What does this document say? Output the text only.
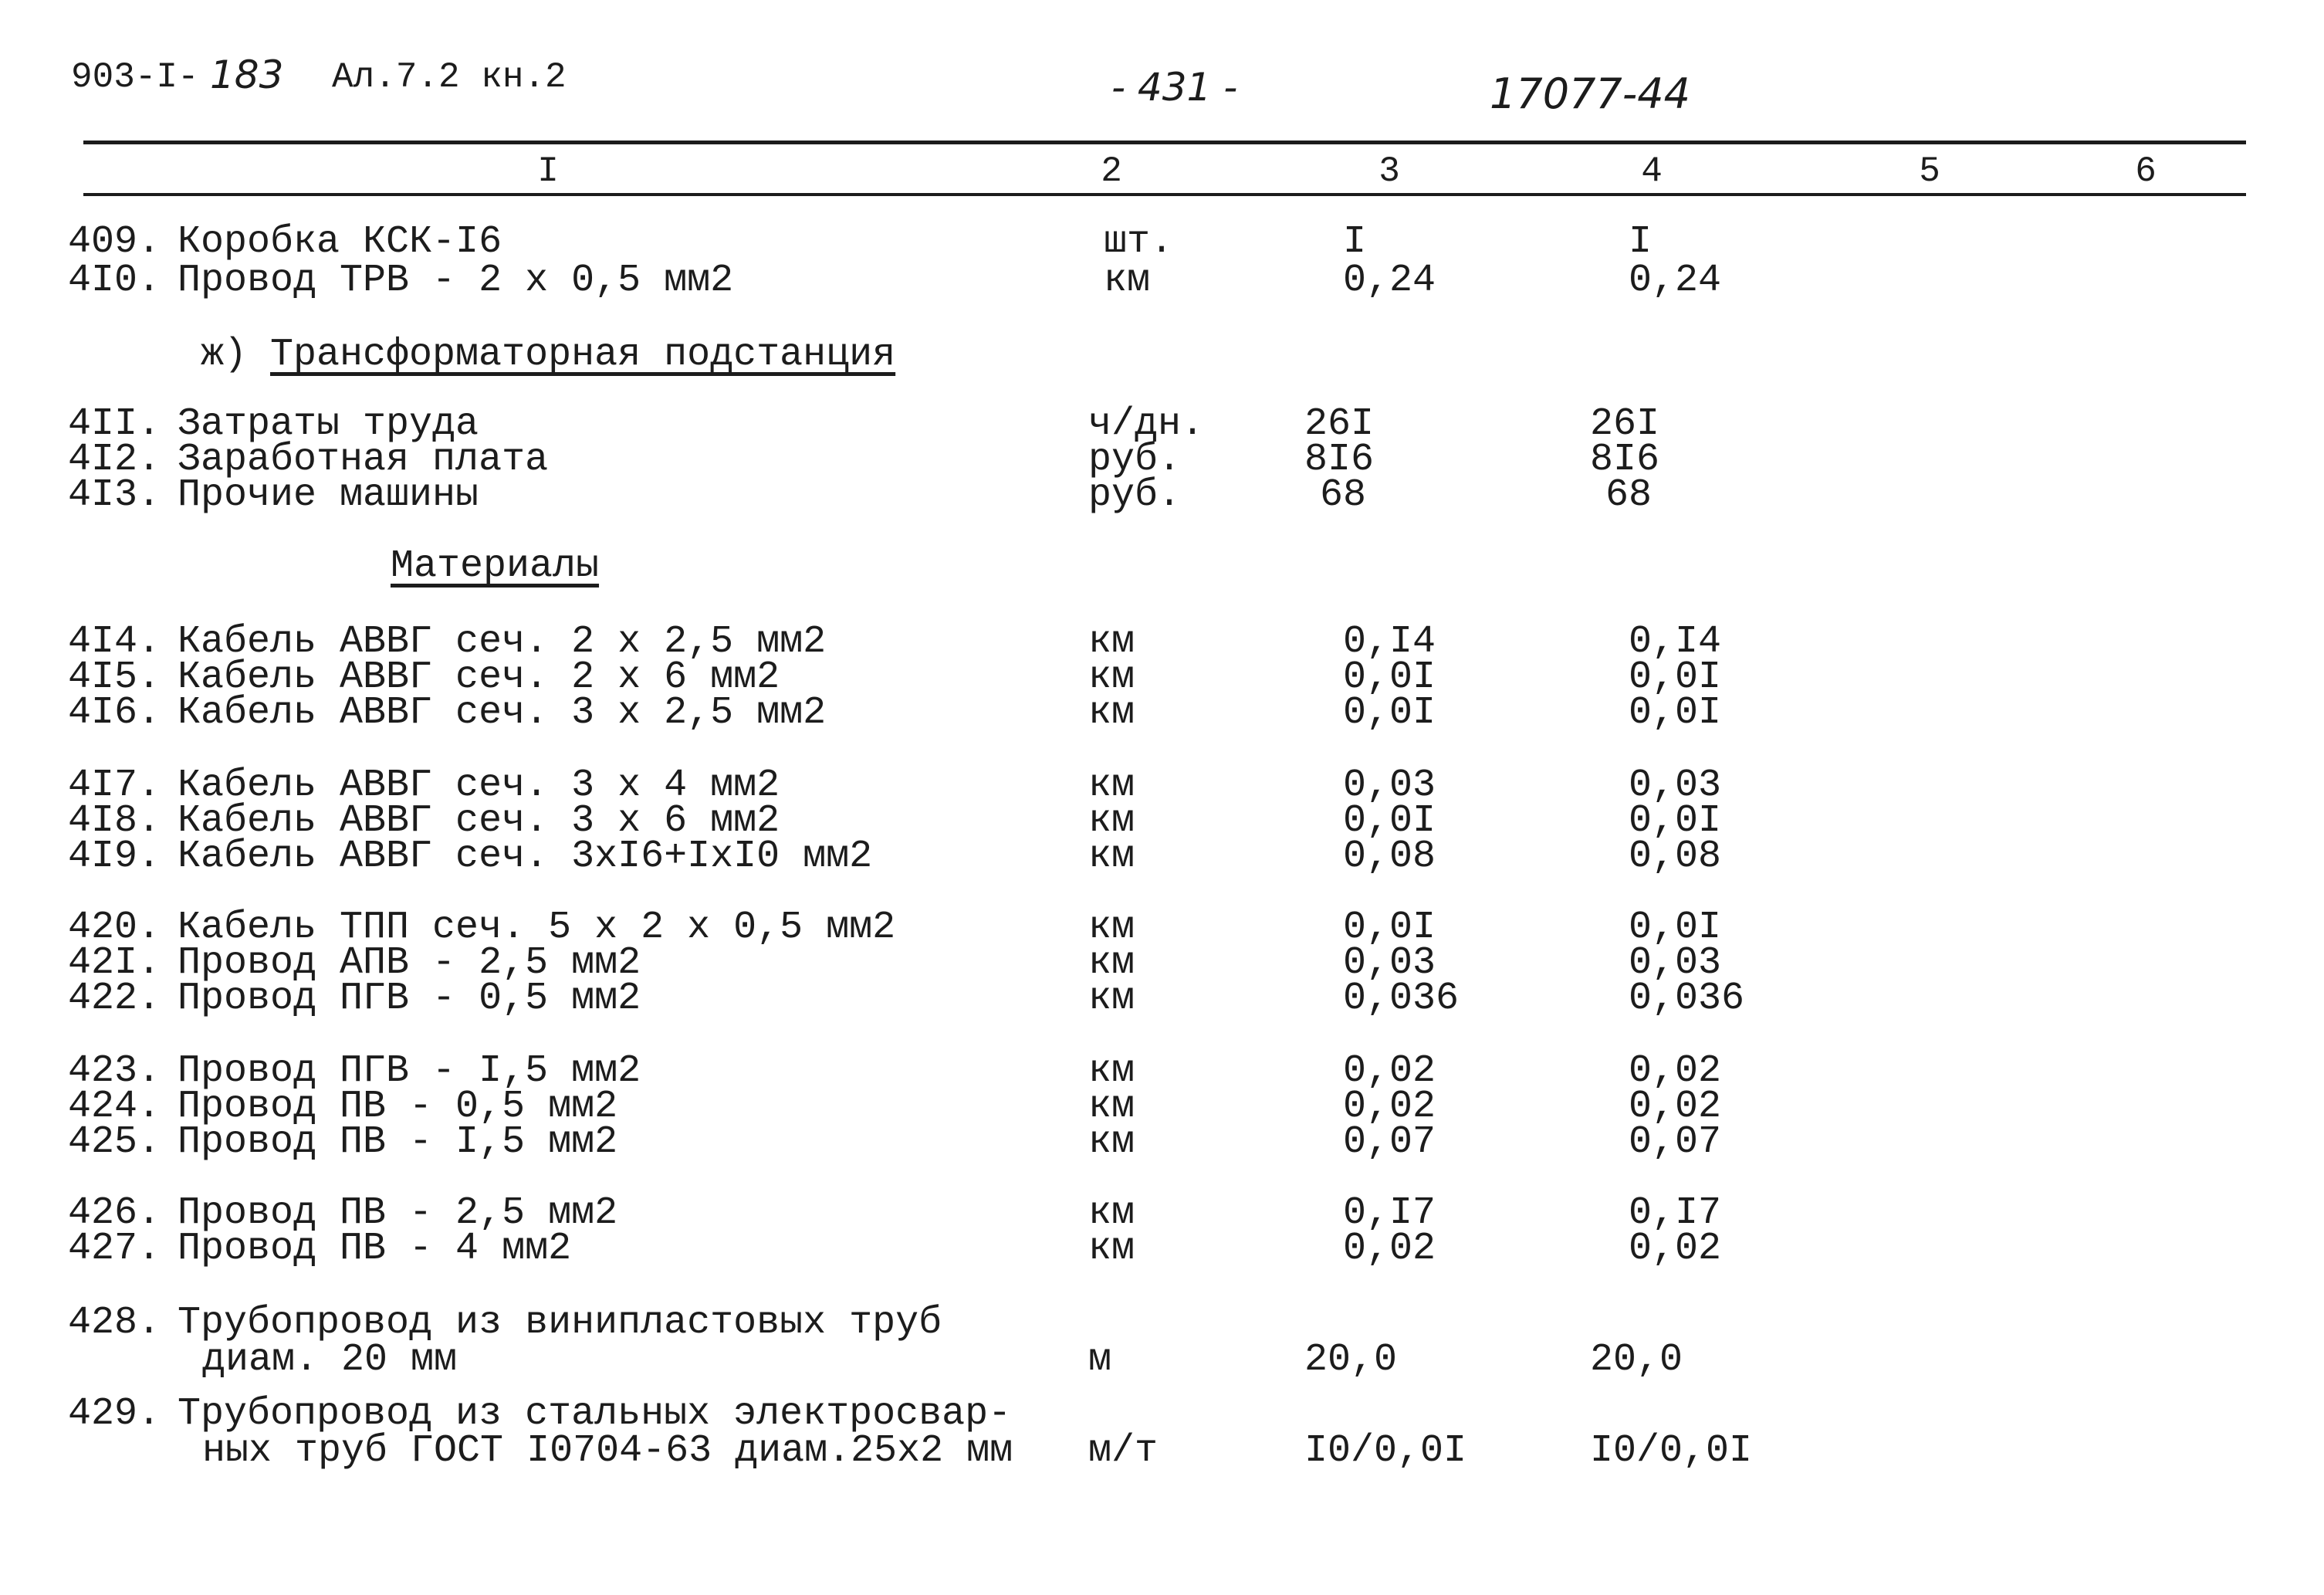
903-I- 183 Ал.7.2 кн.2	- 431 -	17077-44
I	2	3	4	5	6
409. Коробка КСК-I6	шт.	I	I
4I0. Провод ТРВ - 2 х 0,5 мм2	км	0,24	0,24
ж) Трансформаторная подстанция
4II. Затраты труда	ч/дн.	26I	26I
4I2. Заработная плата	руб.	8I6	8I6
4I3. Прочие машины	руб.	68	68
Материалы
4I4. Кабель АВВГ сеч. 2 х 2,5 мм2	км	0,I4	0,I4
4I5. Кабель АВВГ сеч. 2 х 6 мм2	км	0,0I	0,0I
4I6. Кабель АВВГ сеч. 3 х 2,5 мм2	км	0,0I	0,0I
4I7. Кабель АВВГ сеч. 3 х 4 мм2	км	0,03	0,03
4I8. Кабель АВВГ сеч. 3 х 6 мм2	км	0,0I	0,0I
4I9. Кабель АВВГ сеч. 3хI6+IхI0 мм2	км	0,08	0,08
420. Кабель ТПП сеч. 5 х 2 х 0,5 мм2	км	0,0I	0,0I
42I. Провод АПВ - 2,5 мм2	км	0,03	0,03
422. Провод ПГВ - 0,5 мм2	км	0,036	0,036
423. Провод ПГВ - I,5 мм2	км	0,02	0,02
424. Провод ПВ - 0,5 мм2	км	0,02	0,02
425. Провод ПВ - I,5 мм2	км	0,07	0,07
426. Провод ПВ - 2,5 мм2	км	0,I7	0,I7
427. Провод ПВ - 4 мм2	км	0,02	0,02
428. Трубопровод из винипластовых труб
диам. 20 мм	м	20,0	20,0
429. Трубопровод из стальных электросвар-
ных труб ГОСТ I0704-63 диам.25х2 мм м/т	I0/0,0I	I0/0,0I
